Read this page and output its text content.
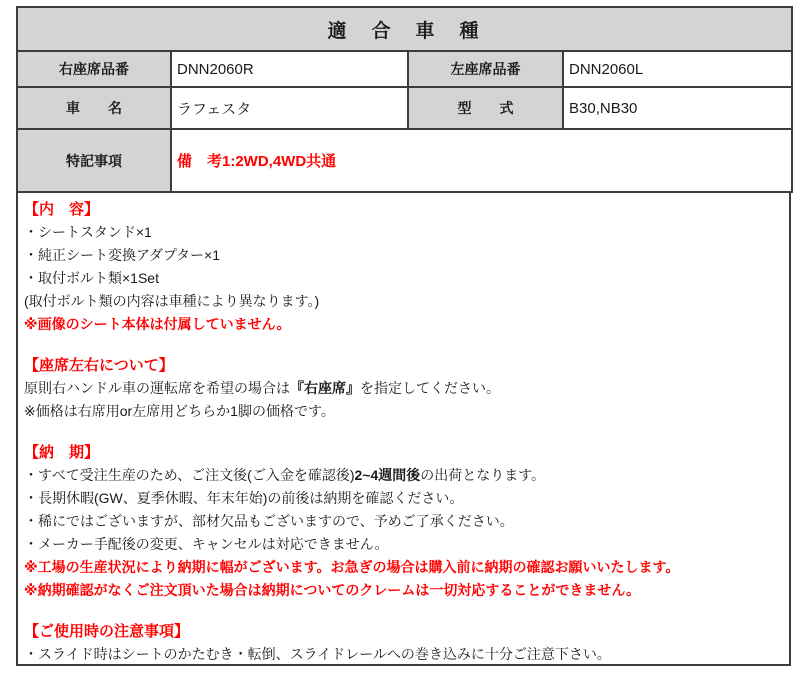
適　合　車　種			
右座席品番	DNN2060R	左座席品番	DNN2060L
車　　名	ラフェスタ	型　　式	B30,NB30
特記事項	備　考1:2WD,4WD共通		
【内　容】
・シートスタンド×1
・純正シート変換アダプター×1
・取付ボルト類×1Set
(取付ボルト類の内容は車種により異なります。)
※画像のシート本体は付属していません。
【座席左右について】
原則右ハンドル車の運転席を希望の場合は『右座席』を指定してください。
※価格は右席用or左席用どちらか1脚の価格です。
【納　期】
・すべて受注生産のため、ご注文後(ご入金を確認後)2~4週間後の出荷となります。
・長期休暇(GW、夏季休暇、年末年始)の前後は納期を確認ください。
・稀にではございますが、部材欠品もございますので、予めご了承ください。
・メーカー手配後の変更、キャンセルは対応できません。
※工場の生産状況により納期に幅がございます。お急ぎの場合は購入前に納期の確認お願いいたします。
※納期確認がなくご注文頂いた場合は納期についてのクレームは一切対応することができません。
【ご使用時の注意事項】
・スライド時はシートのかたむき・転倒、スライドレールへの巻き込みに十分ご注意下さい。
